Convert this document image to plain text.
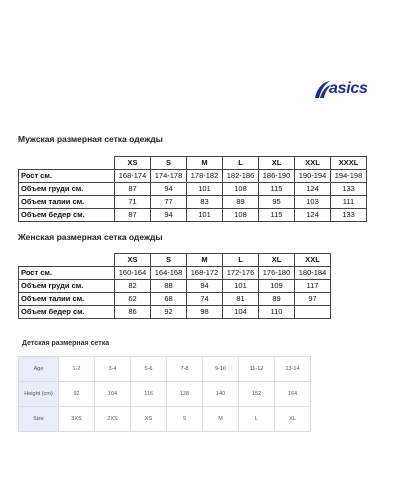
asics
Мужская размерная сетка одежды
	XS	S	M	L	XL	XXL	XXXL
Рост см.	168-174	174-178	178-182	182-186	186-190	190-194	194-198
Объем груди см.	87	94	101	108	115	124	133
Объем талии см.	71	77	83	89	95	103	111
Объем бедер см.	87	94	101	108	115	124	133
Женская размерная сетка одежды
	XS	S	M	L	XL	XXL
Рост см.	160-164	164-168	168-172	172-176	176-180	180-184
Объем груди см.	82	88	94	101	109	117
Объем талии см.	62	68	74	81	89	97
Объем бедер см.	86	92	98	104	110	
Детская размерная сетка
Age	1-2	3-4	5-6	7-8	9-10	11-12	13-14
Height (cm)	92	104	116	128	140	152	164
Size	3XS	2XS	XS	S	M	L	XL
